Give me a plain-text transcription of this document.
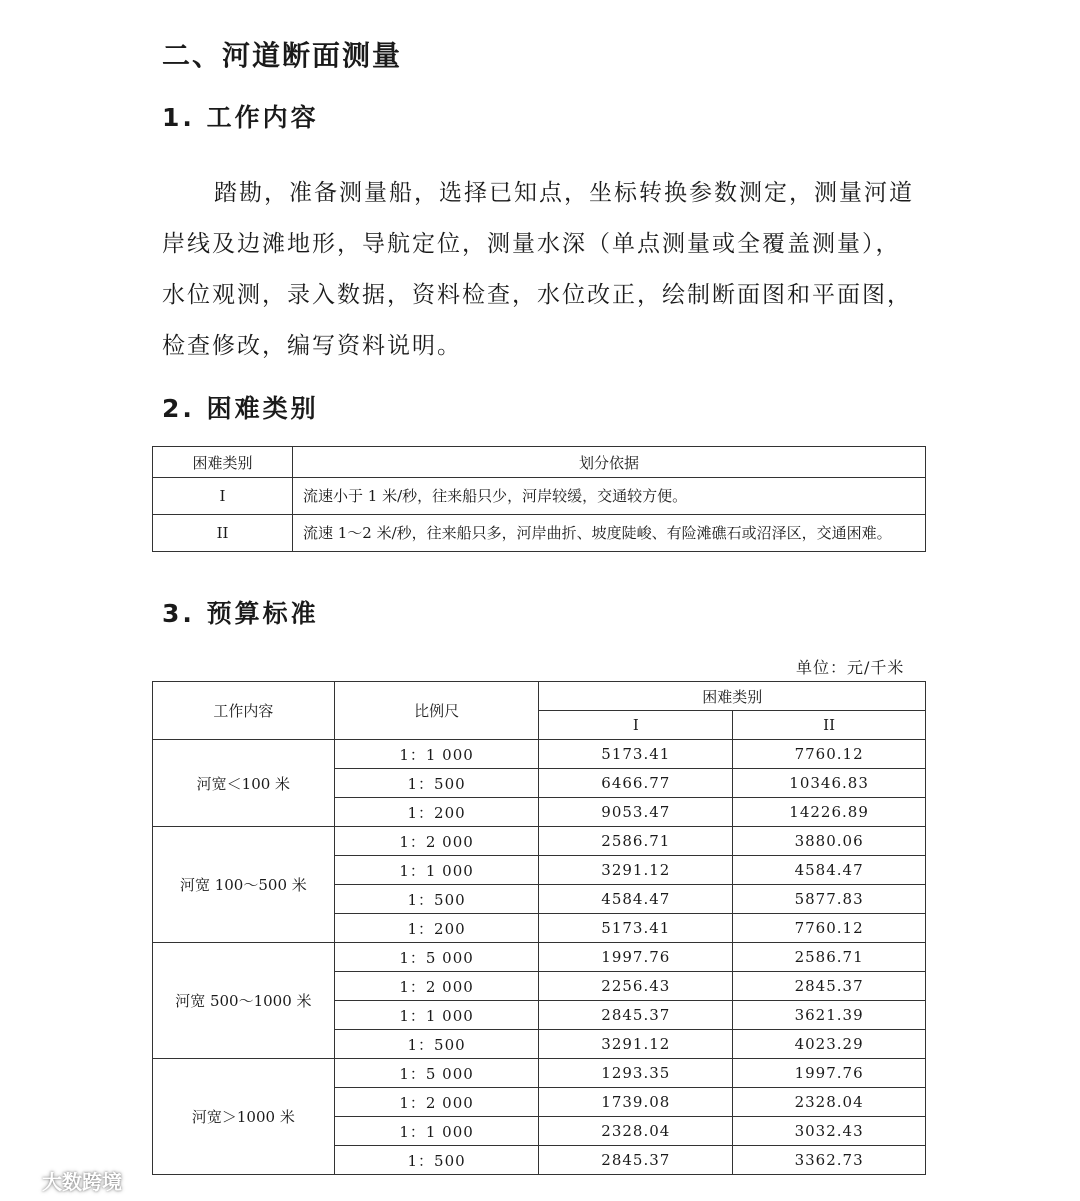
二、河道断面测量
1. 工作内容
踏勘，准备测量船，选择已知点，坐标转换参数测定，测量河道岸线及边滩地形，导航定位，测量水深（单点测量或全覆盖测量），水位观测，录入数据，资料检查，水位改正，绘制断面图和平面图，检查修改，编写资料说明。
2. 困难类别
困难类别	划分依据
I	流速小于 1 米/秒，往来船只少，河岸较缓，交通较方便。
II	流速 1～2 米/秒，往来船只多，河岸曲折、坡度陡峻、有险滩礁石或沼泽区，交通困难。
3. 预算标准
单位：元/千米
工作内容	比例尺	困难类别	
		I	II
河宽＜100 米	1：1 000	5173.41	7760.12
	1：500	6466.77	10346.83
	1：200	9053.47	14226.89
河宽 100～500 米	1：2 000	2586.71	3880.06
	1：1 000	3291.12	4584.47
	1：500	4584.47	5877.83
	1：200	5173.41	7760.12
河宽 500～1000 米	1：5 000	1997.76	2586.71
	1：2 000	2256.43	2845.37
	1：1 000	2845.37	3621.39
	1：500	3291.12	4023.29
河宽＞1000 米	1：5 000	1293.35	1997.76
	1：2 000	1739.08	2328.04
	1：1 000	2328.04	3032.43
	1：500	2845.37	3362.73
大数跨境
